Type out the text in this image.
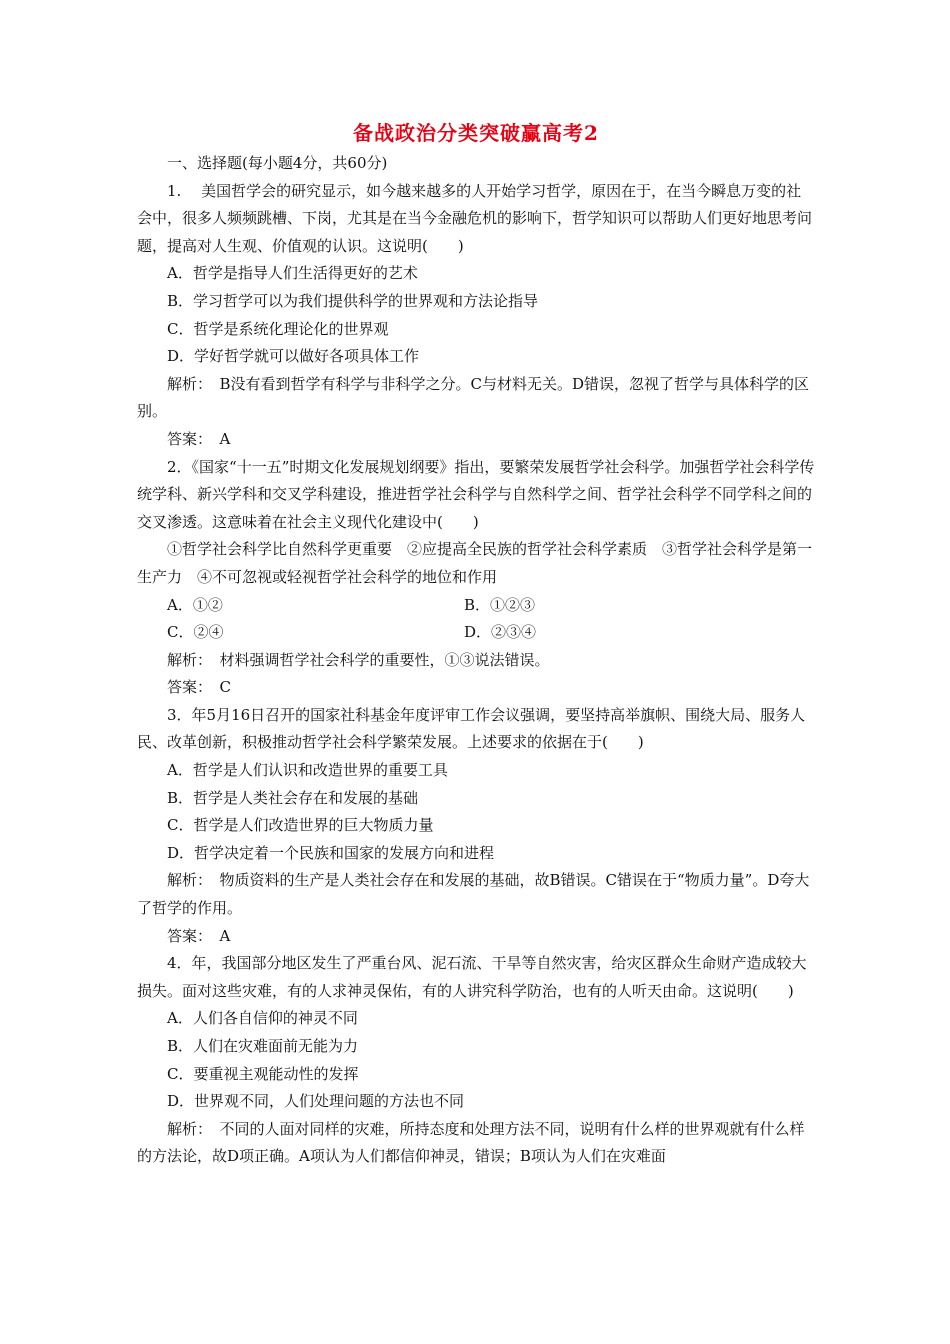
备战政治分类突破赢高考2

一、选择题(每小题4分，共60分)

1.　 美国哲学会的研究显示，如今越来越多的人开始学习哲学，原因在于，在当今瞬息万变的社会中，很多人频频跳槽、下岗，尤其是在当今金融危机的影响下，哲学知识可以帮助人们更好地思考问题，提高对人生观、价值观的认识。这说明(　　)

A．哲学是指导人们生活得更好的艺术

B．学习哲学可以为我们提供科学的世界观和方法论指导

C．哲学是系统化理论化的世界观

D．学好哲学就可以做好各项具体工作

解析：　B没有看到哲学有科学与非科学之分。C与材料无关。D错误，忽视了哲学与具体科学的区别。

答案：　A

2．《国家“十一五”时期文化发展规划纲要》指出，要繁荣发展哲学社会科学。加强哲学社会科学传统学科、新兴学科和交叉学科建设，推进哲学社会科学与自然科学之间、哲学社会科学不同学科之间的交叉渗透。这意味着在社会主义现代化建设中(　　)

①哲学社会科学比自然科学更重要　②应提高全民族的哲学社会科学素质　③哲学社会科学是第一生产力　④不可忽视或轻视哲学社会科学的地位和作用

A．①②	B．①②③
C．②④	D．②③④

解析：　材料强调哲学社会科学的重要性，①③说法错误。

答案：　C

3．年5月16日召开的国家社科基金年度评审工作会议强调，要坚持高举旗帜、围绕大局、服务人民、改革创新，积极推动哲学社会科学繁荣发展。上述要求的依据在于(　　)

A．哲学是人们认识和改造世界的重要工具

B．哲学是人类社会存在和发展的基础

C．哲学是人们改造世界的巨大物质力量

D．哲学决定着一个民族和国家的发展方向和进程

解析：　物质资料的生产是人类社会存在和发展的基础，故B错误。C错误在于“物质力量”。D夸大了哲学的作用。

答案：　A

4．年，我国部分地区发生了严重台风、泥石流、干旱等自然灾害，给灾区群众生命财产造成较大损失。面对这些灾难，有的人求神灵保佑，有的人讲究科学防治，也有的人听天由命。这说明(　　)

A．人们各自信仰的神灵不同

B．人们在灾难面前无能为力

C．要重视主观能动性的发挥

D．世界观不同，人们处理问题的方法也不同

解析：　不同的人面对同样的灾难，所持态度和处理方法不同，说明有什么样的世界观就有什么样的方法论，故D项正确。A项认为人们都信仰神灵，错误；B项认为人们在灾难面
